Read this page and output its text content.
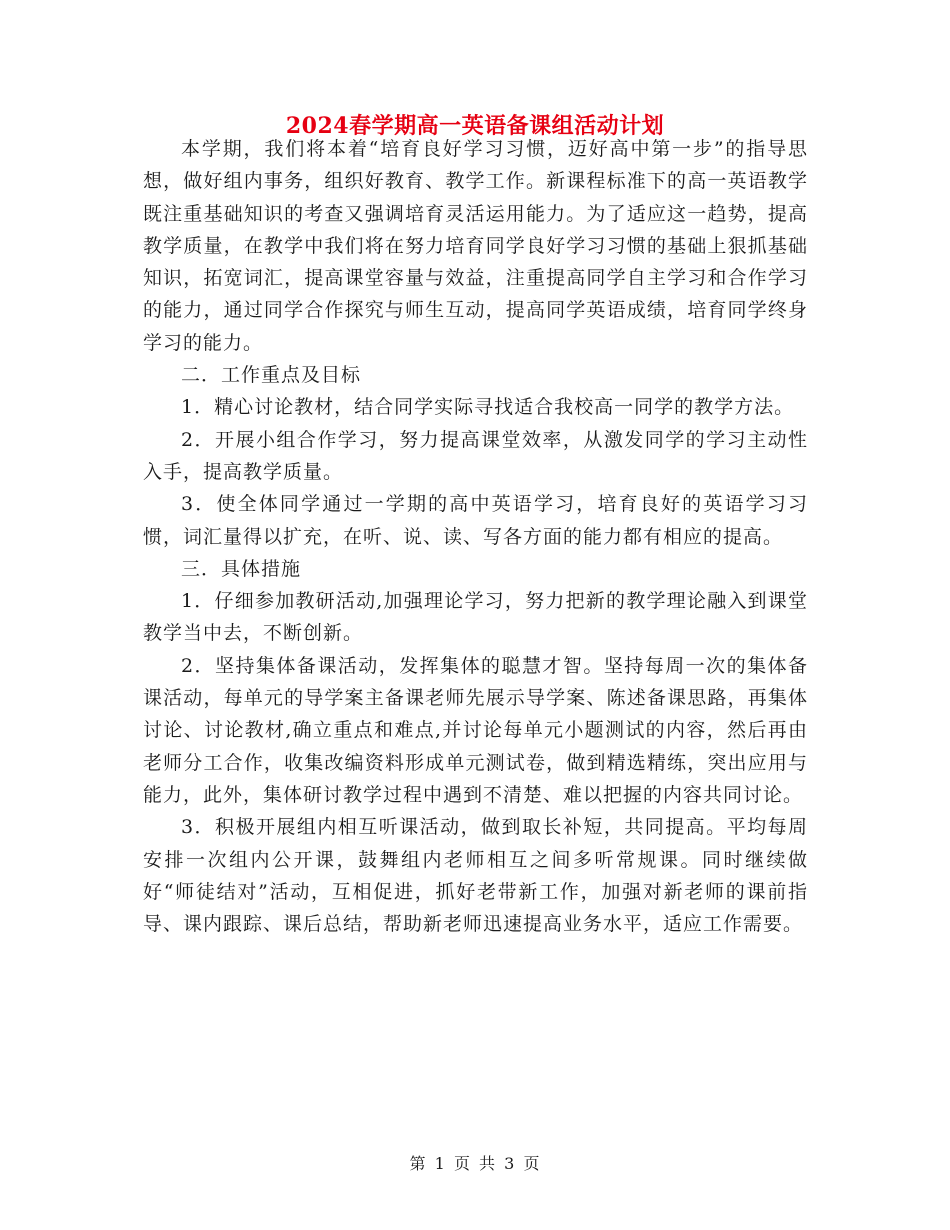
2024春学期高一英语备课组活动计划

本学期，我们将本着“培育良好学习习惯，迈好高中第一步”的指导思想，做好组内事务，组织好教育、教学工作。新课程标准下的高一英语教学既注重基础知识的考查又强调培育灵活运用能力。为了适应这一趋势，提高教学质量，在教学中我们将在努力培育同学良好学习习惯的基础上狠抓基础知识，拓宽词汇，提高课堂容量与效益，注重提高同学自主学习和合作学习的能力，通过同学合作探究与师生互动，提高同学英语成绩，培育同学终身学习的能力。

二．工作重点及目标

1．精心讨论教材，结合同学实际寻找适合我校高一同学的教学方法。

2．开展小组合作学习，努力提高课堂效率，从激发同学的学习主动性入手，提高教学质量。

3．使全体同学通过一学期的高中英语学习，培育良好的英语学习习惯，词汇量得以扩充，在听、说、读、写各方面的能力都有相应的提高。

三．具体措施

1．仔细参加教研活动,加强理论学习，努力把新的教学理论融入到课堂教学当中去，不断创新。

2．坚持集体备课活动，发挥集体的聪慧才智。坚持每周一次的集体备课活动，每单元的导学案主备课老师先展示导学案、陈述备课思路，再集体讨论、讨论教材,确立重点和难点,并讨论每单元小题测试的内容，然后再由老师分工合作，收集改编资料形成单元测试卷，做到精选精练，突出应用与能力，此外，集体研讨教学过程中遇到不清楚、难以把握的内容共同讨论。

3．积极开展组内相互听课活动，做到取长补短，共同提高。平均每周安排一次组内公开课，鼓舞组内老师相互之间多听常规课。同时继续做好“师徒结对”活动，互相促进，抓好老带新工作，加强对新老师的课前指导、课内跟踪、课后总结，帮助新老师迅速提高业务水平，适应工作需要。

第 1 页 共 3 页
